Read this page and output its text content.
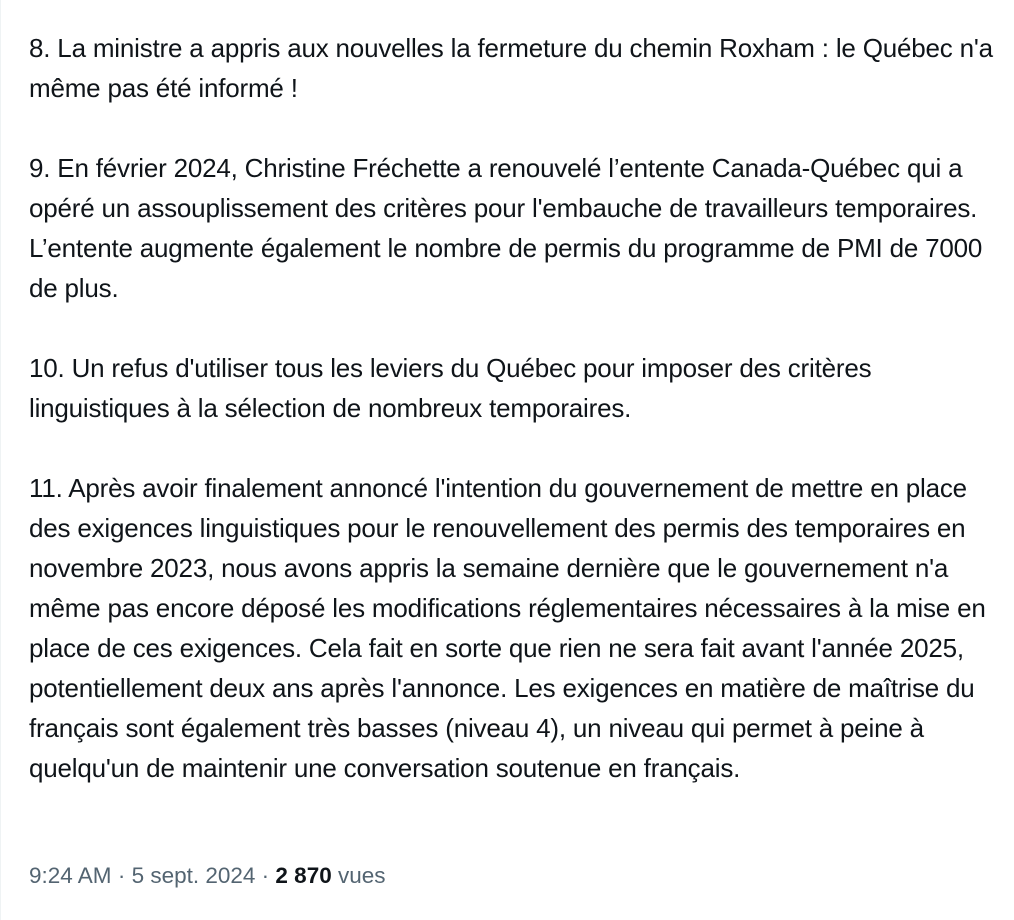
8. La ministre a appris aux nouvelles la fermeture du chemin Roxham : le Québec n'a même pas été informé !

9. En février 2024, Christine Fréchette a renouvelé l’entente Canada-Québec qui a opéré un assouplissement des critères pour l'embauche de travailleurs temporaires. L’entente augmente également le nombre de permis du programme de PMI de 7000 de plus.

10. Un refus d'utiliser tous les leviers du Québec pour imposer des critères linguistiques à la sélection de nombreux temporaires.

11. Après avoir finalement annoncé l'intention du gouvernement de mettre en place des exigences linguistiques pour le renouvellement des permis des temporaires en novembre 2023, nous avons appris la semaine dernière que le gouvernement n'a même pas encore déposé les modifications réglementaires nécessaires à la mise en place de ces exigences. Cela fait en sorte que rien ne sera fait avant l'année 2025, potentiellement deux ans après l'annonce. Les exigences en matière de maîtrise du français sont également très basses (niveau 4), un niveau qui permet à peine à quelqu'un de maintenir une conversation soutenue en français.

9:24 AM · 5 sept. 2024 · 2 870 vues
